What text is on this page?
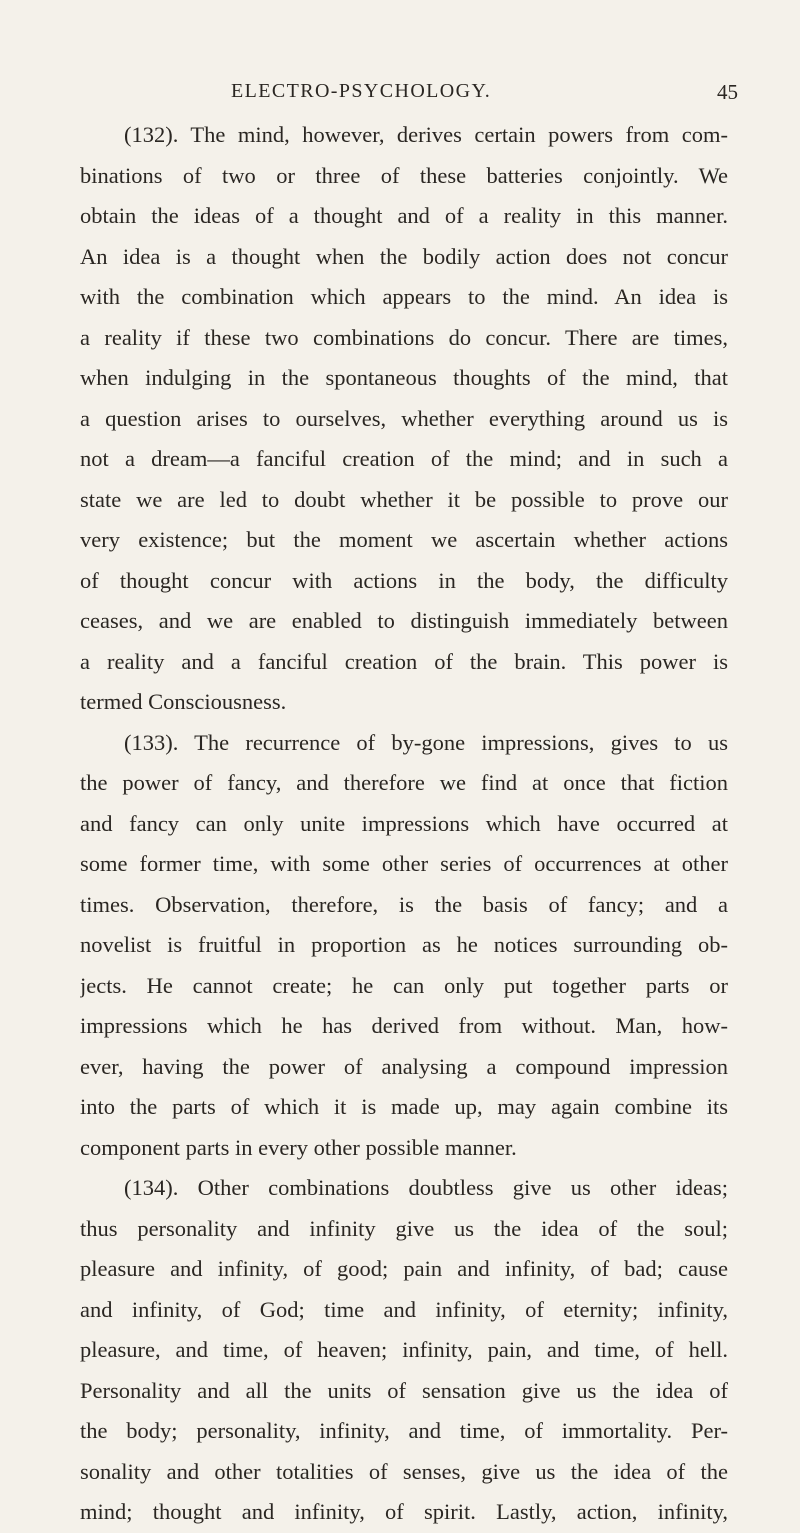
ELECTRO-PSYCHOLOGY.	45
(132). The mind, however, derives certain powers from com-
binations of two or three of these batteries conjointly. We
obtain the ideas of a thought and of a reality in this manner.
An idea is a thought when the bodily action does not concur
with the combination which appears to the mind. An idea is
a reality if these two combinations do concur. There are times,
when indulging in the spontaneous thoughts of the mind, that
a question arises to ourselves, whether everything around us is
not a dream—a fanciful creation of the mind; and in such a
state we are led to doubt whether it be possible to prove our
very existence; but the moment we ascertain whether actions
of thought concur with actions in the body, the difficulty
ceases, and we are enabled to distinguish immediately between
a reality and a fanciful creation of the brain. This power is
termed Consciousness.
(133). The recurrence of by-gone impressions, gives to us
the power of fancy, and therefore we find at once that fiction
and fancy can only unite impressions which have occurred at
some former time, with some other series of occurrences at other
times. Observation, therefore, is the basis of fancy; and a
novelist is fruitful in proportion as he notices surrounding ob-
jects. He cannot create; he can only put together parts or
impressions which he has derived from without. Man, how-
ever, having the power of analysing a compound impression
into the parts of which it is made up, may again combine its
component parts in every other possible manner.
(134). Other combinations doubtless give us other ideas;
thus personality and infinity give us the idea of the soul;
pleasure and infinity, of good; pain and infinity, of bad; cause
and infinity, of God; time and infinity, of eternity; infinity,
pleasure, and time, of heaven; infinity, pain, and time, of hell.
Personality and all the units of sensation give us the idea of
the body; personality, infinity, and time, of immortality. Per-
sonality and other totalities of senses, give us the idea of the
mind; thought and infinity, of spirit. Lastly, action, infinity,
